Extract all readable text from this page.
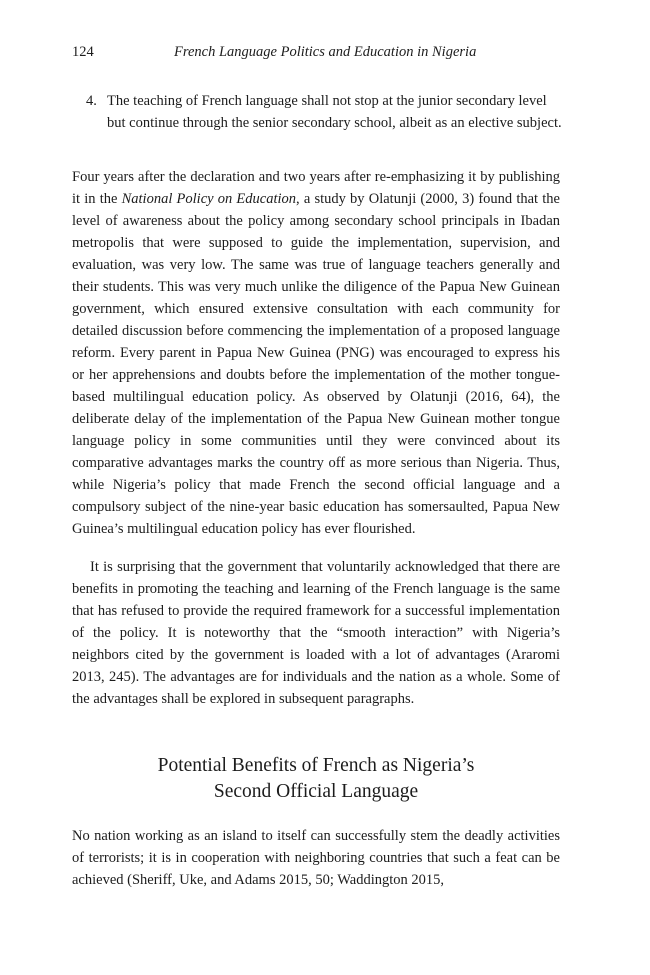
124	French Language Politics and Education in Nigeria
4. The teaching of French language shall not stop at the junior secondary level but continue through the senior secondary school, albeit as an elective subject.
Four years after the declaration and two years after re-emphasizing it by publishing it in the National Policy on Education, a study by Olatunji (2000, 3) found that the level of awareness about the policy among secondary school principals in Ibadan metropolis that were supposed to guide the implementation, supervision, and evaluation, was very low. The same was true of language teachers generally and their students. This was very much unlike the diligence of the Papua New Guinean government, which ensured extensive consultation with each community for detailed discussion before commencing the implementation of a proposed language reform. Every parent in Papua New Guinea (PNG) was encouraged to express his or her apprehensions and doubts before the implementation of the mother tongue-based multilingual education policy. As observed by Olatunji (2016, 64), the deliberate delay of the implementation of the Papua New Guinean mother tongue language policy in some communities until they were convinced about its comparative advantages marks the country off as more serious than Nigeria. Thus, while Nigeria’s policy that made French the second official language and a compulsory subject of the nine-year basic education has somersaulted, Papua New Guinea’s multilingual education policy has ever flourished.
It is surprising that the government that voluntarily acknowledged that there are benefits in promoting the teaching and learning of the French language is the same that has refused to provide the required framework for a successful implementation of the policy. It is noteworthy that the “smooth interaction” with Nigeria’s neighbors cited by the government is loaded with a lot of advantages (Araromi 2013, 245). The advantages are for individuals and the nation as a whole. Some of the advantages shall be explored in subsequent paragraphs.
Potential Benefits of French as Nigeria’s
Second Official Language
No nation working as an island to itself can successfully stem the deadly activities of terrorists; it is in cooperation with neighboring countries that such a feat can be achieved (Sheriff, Uke, and Adams 2015, 50; Waddington 2015,
